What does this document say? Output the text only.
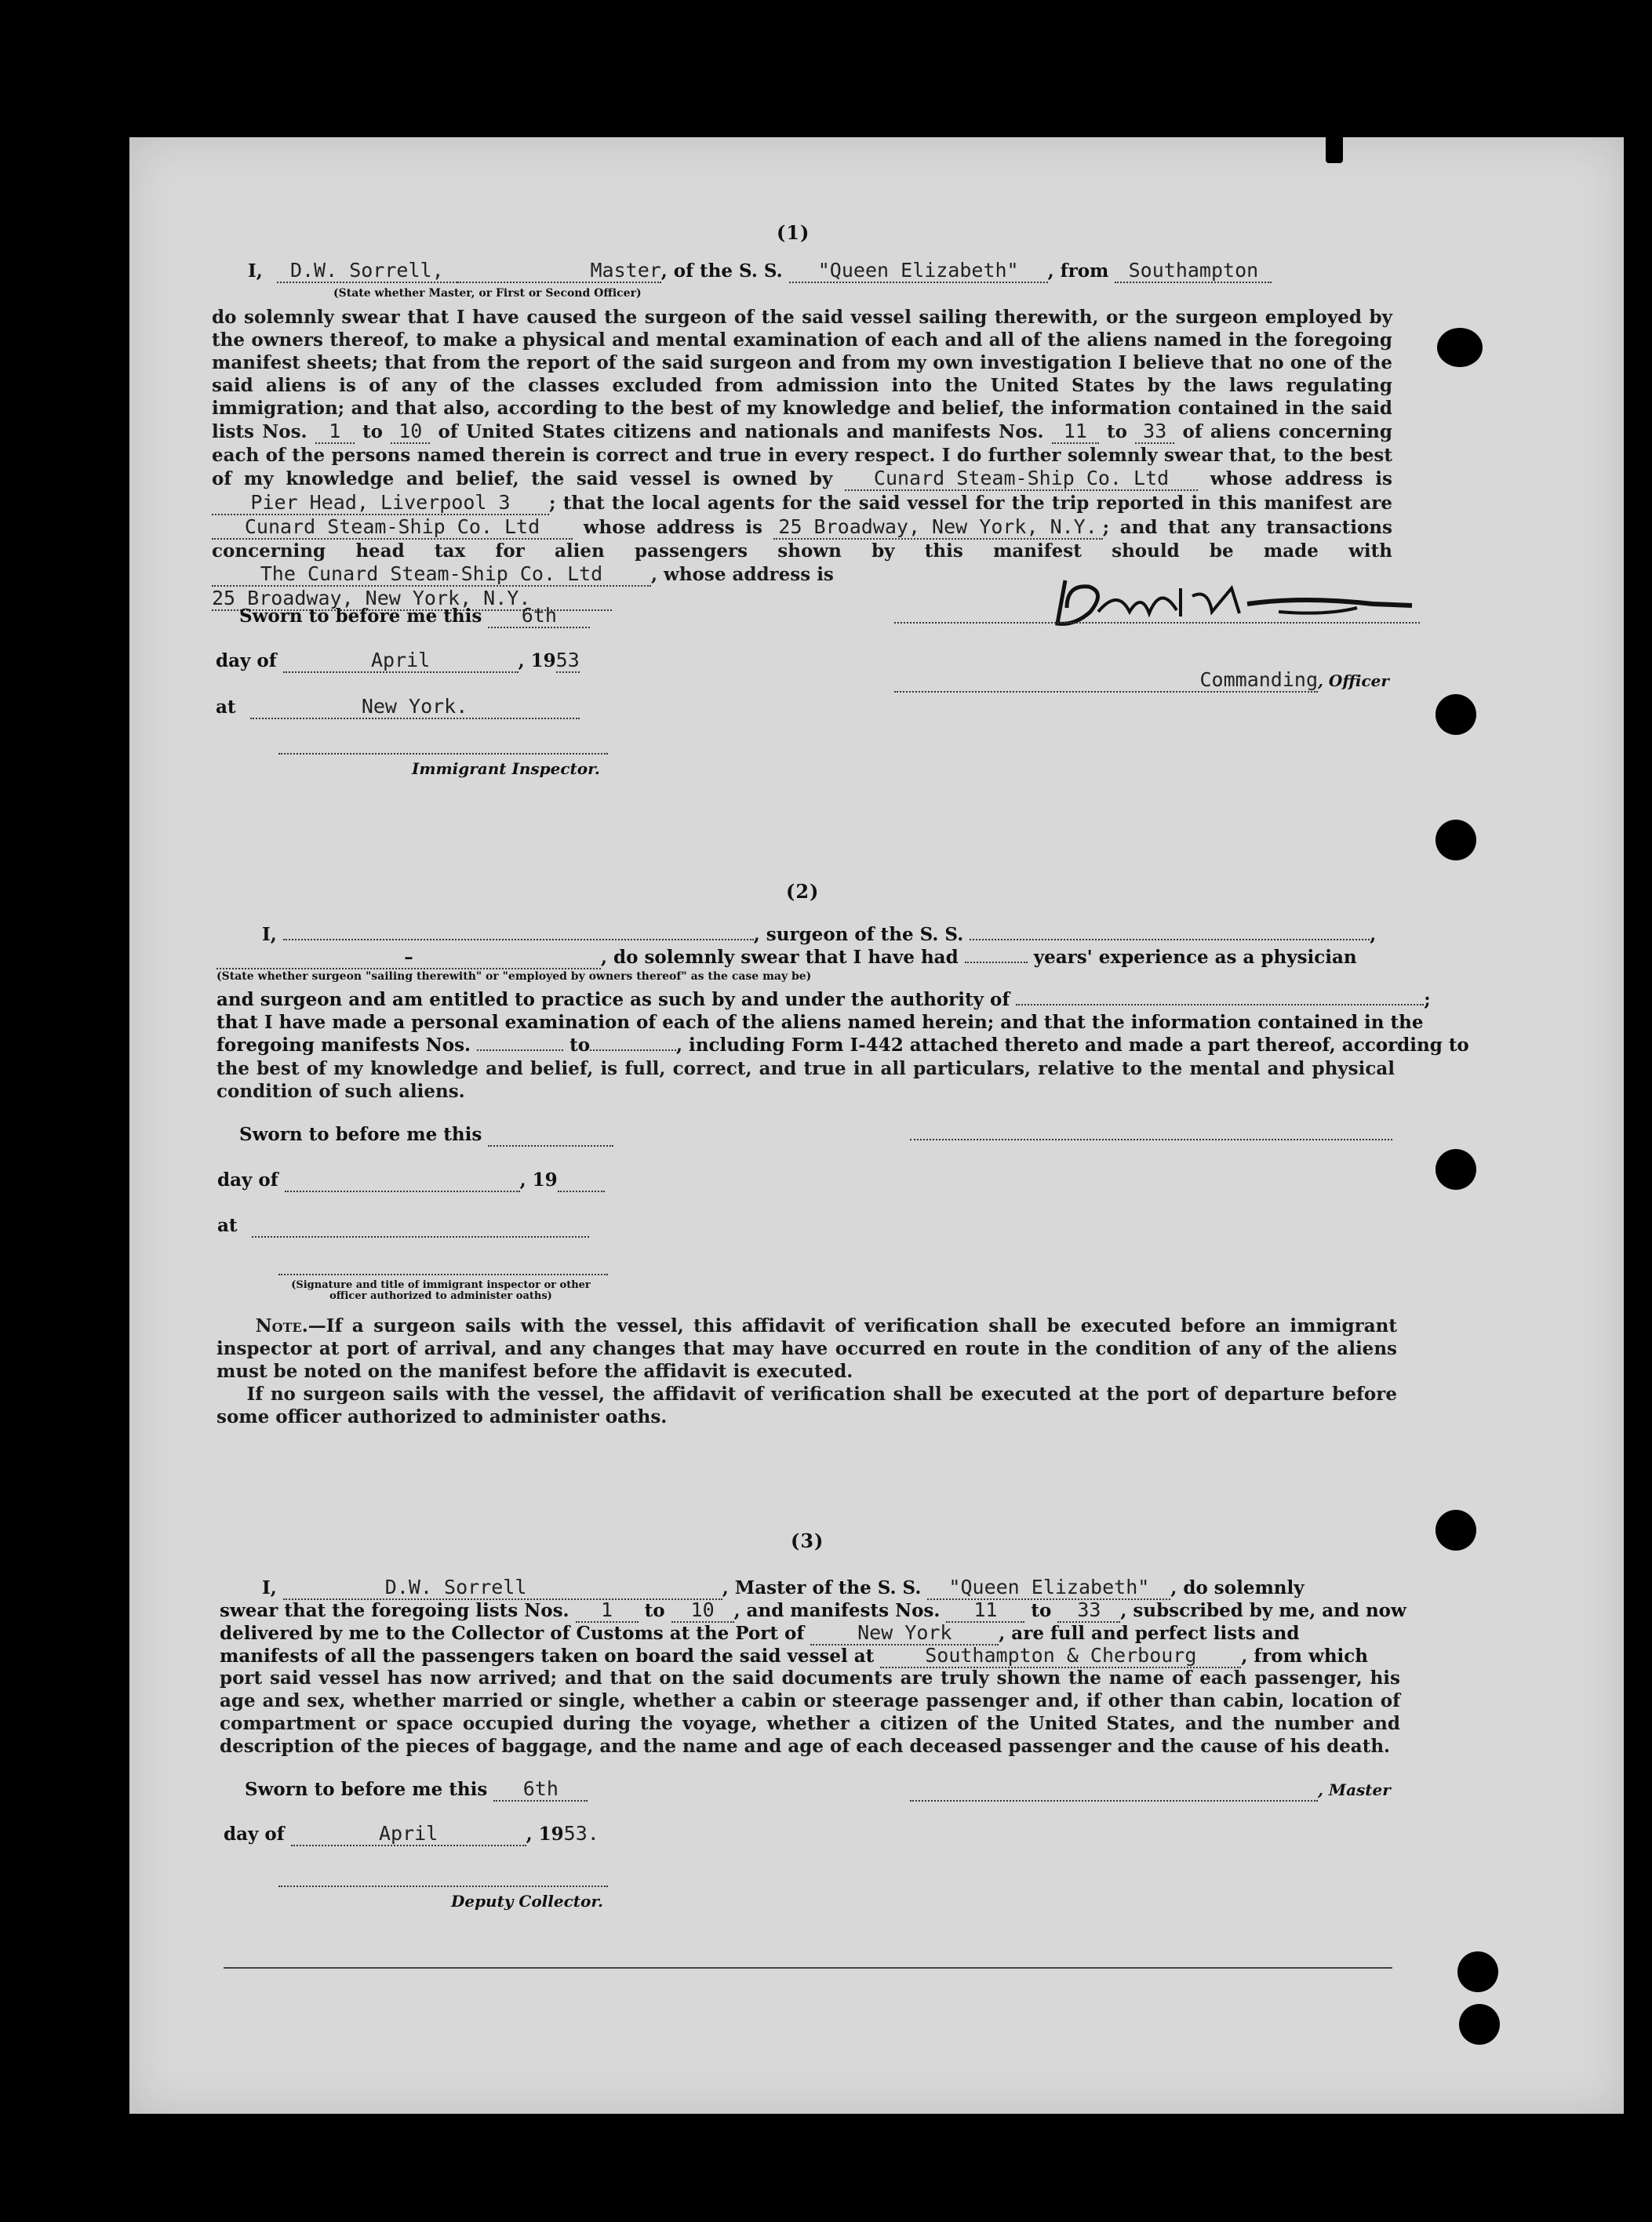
(1)
I, D.W. Sorrell,	Master, of the S. S. "Queen Elizabeth" , from Southampton
(State whether Master, or First or Second Officer)
do solemnly swear that I have caused the surgeon of the said vessel sailing therewith, or the surgeon employed by the owners thereof, to make a physical and mental examination of each and all of the aliens named in the foregoing manifest sheets; that from the report of the said surgeon and from my own investigation I believe that no one of the said aliens is of any of the classes excluded from admission into the United States by the laws regulating immigration; and that also, according to the best of my knowledge and belief, the information contained in the said lists Nos. 1 to 10 of United States citizens and nationals and manifests Nos. 11 to 33 of aliens concerning each of the persons named therein is correct and true in every respect. I do further solemnly swear that, to the best of my knowledge and belief, the said vessel is owned by Cunard Steam-Ship Co. Ltd whose address is Pier Head, Liverpool 3 ; that the local agents for the said vessel for the trip reported in this manifest are Cunard Steam-Ship Co. Ltd whose address is 25 Broadway, New York, N.Y. ; and that any transactions concerning head tax for alien passengers shown by this manifest should be made with The Cunard Steam-Ship Co. Ltd	, whose address is
25 Broadway, New York, N.Y.
Sworn to before me this 6th
day of	April	, 1953
at	New York.
Immigrant Inspector.
Commanding, Officer
(2)
I,	, surgeon of the S. S.	,
–	, do solemnly swear that I have had	years' experience as a physician
(State whether surgeon "sailing therewith" or "employed by owners thereof" as the case may be)
and surgeon and am entitled to practice as such by and under the authority of	;
that I have made a personal examination of each of the aliens named herein; and that the information contained in the
foregoing manifests Nos.	to	, including Form I-442 attached thereto and made a part thereof, according to
the best of my knowledge and belief, is full, correct, and true in all particulars, relative to the mental and physical condition of such aliens.
Sworn to before me this
day of	, 19
at
(Signature and title of immigrant inspector or other officer authorized to administer oaths)
Note.—If a surgeon sails with the vessel, this affidavit of verification shall be executed before an immigrant inspector at port of arrival, and any changes that may have occurred en route in the condition of any of the aliens must be noted on the manifest before the affidavit is executed.
If no surgeon sails with the vessel, the affidavit of verification shall be executed at the port of departure before some officer authorized to administer oaths.
(3)
I,	D.W. Sorrell	, Master of the S. S. "Queen Elizabeth" , do solemnly
swear that the foregoing lists Nos. 1 to 10 , and manifests Nos. 11 to 33 , subscribed by me, and now
delivered by me to the Collector of Customs at the Port of	New York	, are full and perfect lists and
manifests of all the passengers taken on board the said vessel at	Southampton & Cherbourg , from which
port said vessel has now arrived; and that on the said documents are truly shown the name of each passenger, his age and sex, whether married or single, whether a cabin or steerage passenger and, if other than cabin, location of compartment or space occupied during the voyage, whether a citizen of the United States, and the number and description of the pieces of baggage, and the name and age of each deceased passenger and the cause of his death.
Sworn to before me this 6th	, Master
day of	April	, 1953.
Deputy Collector.
